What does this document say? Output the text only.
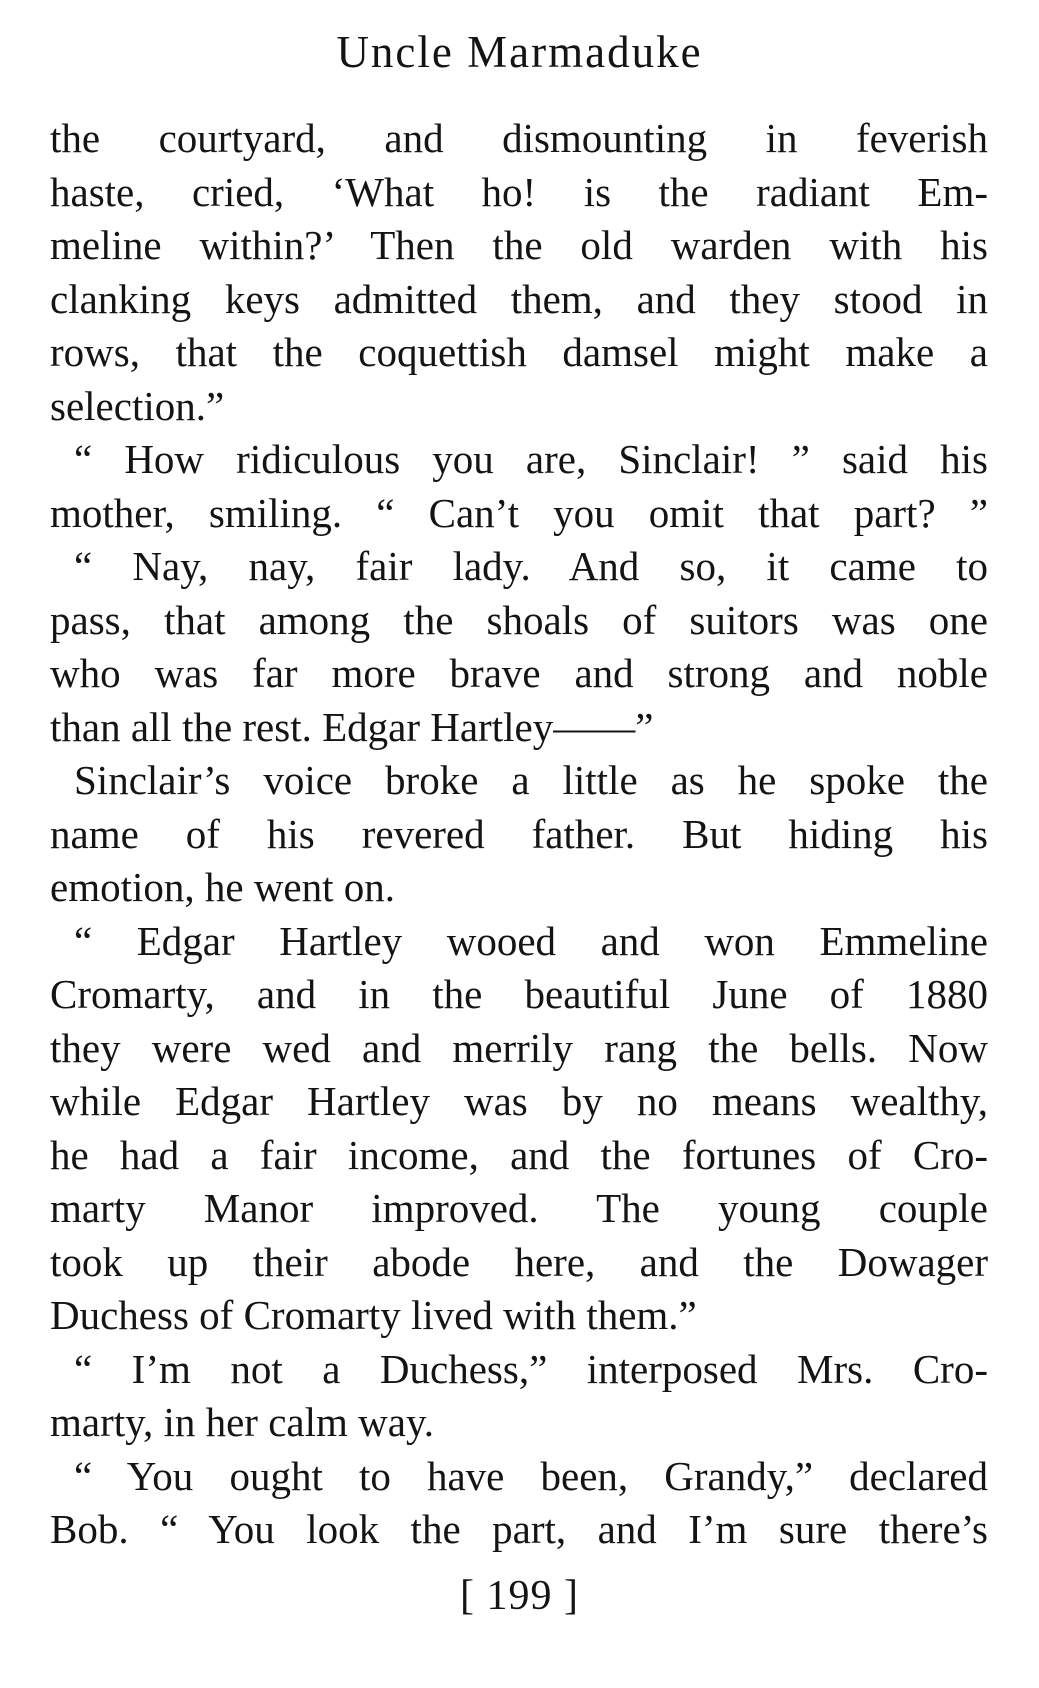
Uncle Marmaduke
the courtyard, and dismounting in feverish
haste, cried, ‘What ho! is the radiant Em-
meline within?’ Then the old warden with his
clanking keys admitted them, and they stood in
rows, that the coquettish damsel might make a
selection.”
“ How ridiculous you are, Sinclair! ” said his
mother, smiling. “ Can’t you omit that part? ”
“ Nay, nay, fair lady. And so, it came to
pass, that among the shoals of suitors was one
who was far more brave and strong and noble
than all the rest. Edgar Hartley——”
Sinclair’s voice broke a little as he spoke the
name of his revered father. But hiding his
emotion, he went on.
“ Edgar Hartley wooed and won Emmeline
Cromarty, and in the beautiful June of 1880
they were wed and merrily rang the bells. Now
while Edgar Hartley was by no means wealthy,
he had a fair income, and the fortunes of Cro-
marty Manor improved. The young couple
took up their abode here, and the Dowager
Duchess of Cromarty lived with them.”
“ I’m not a Duchess,” interposed Mrs. Cro-
marty, in her calm way.
“ You ought to have been, Grandy,” declared
Bob. “ You look the part, and I’m sure there’s
[ 199 ]
